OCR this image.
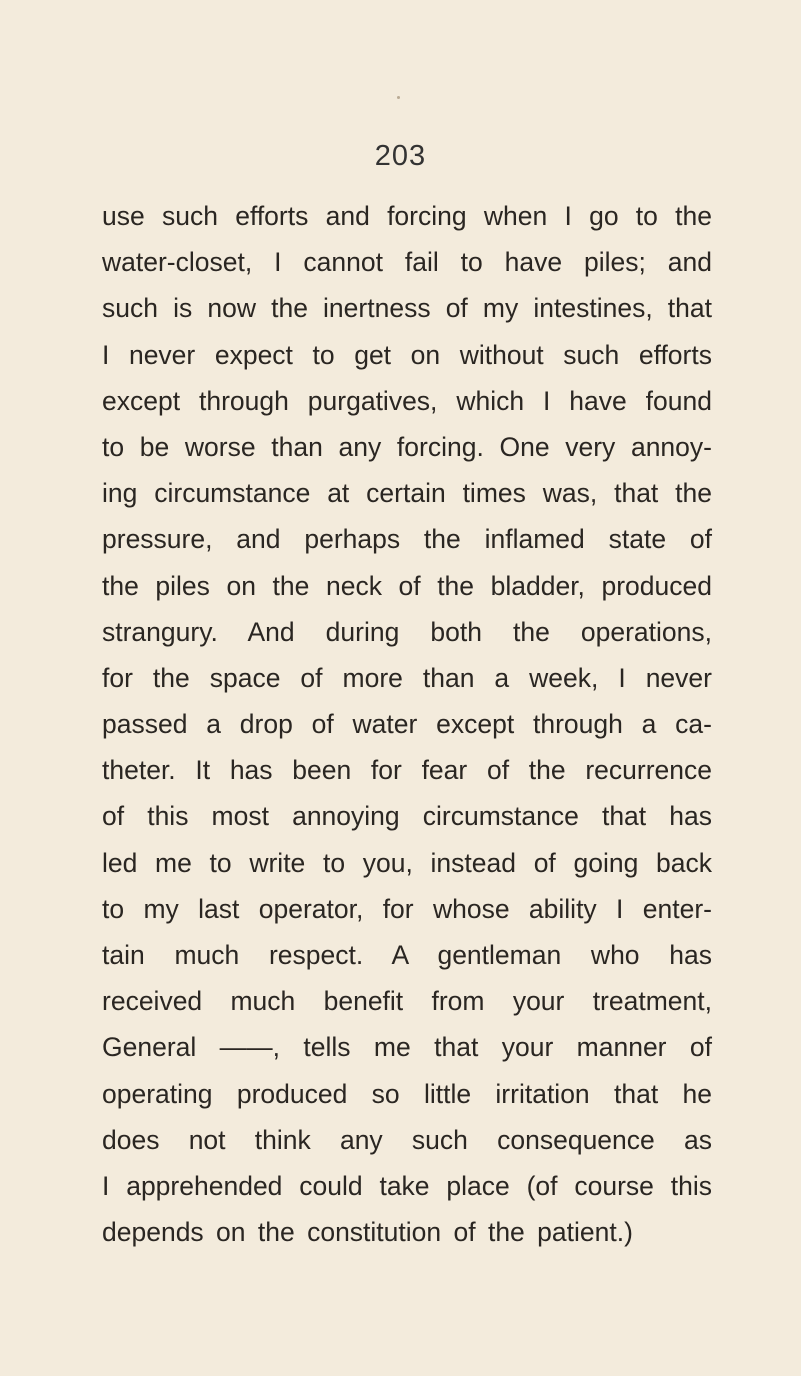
203
use such efforts and forcing when I go to the
water-closet, I cannot fail to have piles; and
such is now the inertness of my intestines, that
I never expect to get on without such efforts
except through purgatives, which I have found
to be worse than any forcing. One very annoy-
ing circumstance at certain times was, that the
pressure, and perhaps the inflamed state of
the piles on the neck of the bladder, produced
strangury. And during both the operations,
for the space of more than a week, I never
passed a drop of water except through a ca-
theter. It has been for fear of the recurrence
of this most annoying circumstance that has
led me to write to you, instead of going back
to my last operator, for whose ability I enter-
tain much respect. A gentleman who has
received much benefit from your treatment,
General ——, tells me that your manner of
operating produced so little irritation that he
does not think any such consequence as
I apprehended could take place (of course this
depends on the constitution of the patient.)
